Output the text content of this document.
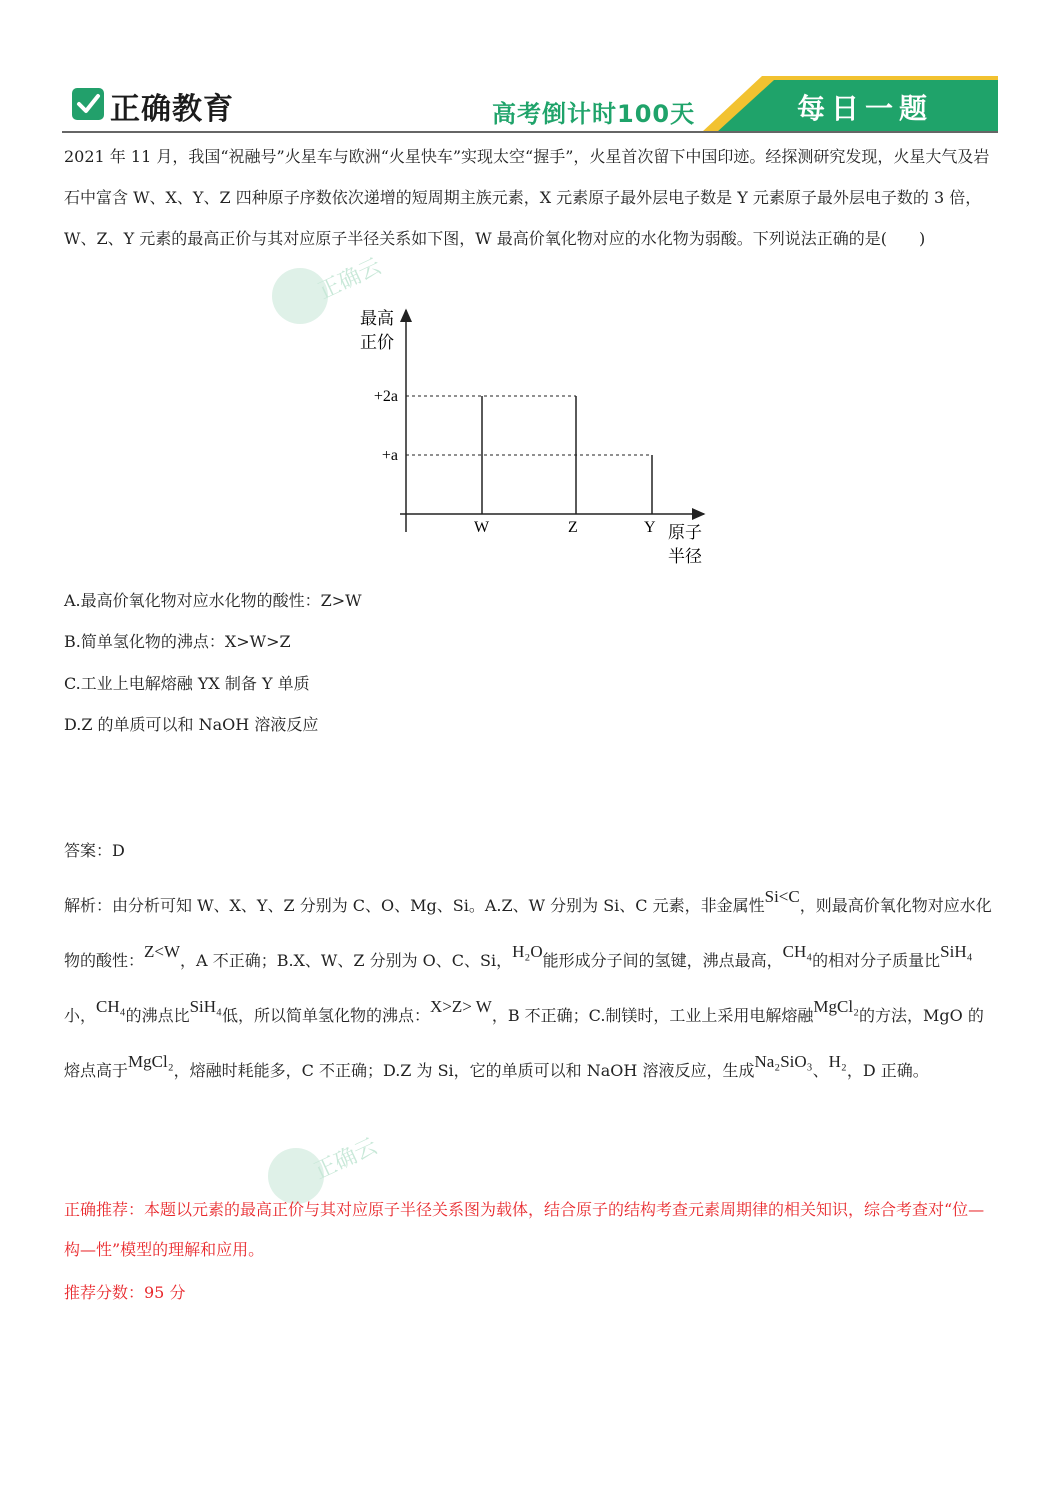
正确教育	高考倒计时100天	每日一题
正确云
正确云
2021 年 11 月，我国“祝融号”火星车与欧洲“火星快车”实现太空“握手”，火星首次留下中国印迹。经探测研究发现，火星大气及岩石中富含 W、X、Y、Z 四种原子序数依次递增的短周期主族元素，X 元素原子最外层电子数是 Y 元素原子最外层电子数的 3 倍，W、Z、Y 元素的最高正价与其对应原子半径关系如下图，W 最高价氧化物对应的水化物为弱酸。下列说法正确的是(　　)
最高
正价
原子
半径
W	Z	Y
+2a
+a
A.最高价氧化物对应水化物的酸性：Z>W
B.简单氢化物的沸点：X>W>Z
C.工业上电解熔融 YX 制备 Y 单质
D.Z 的单质可以和 NaOH 溶液反应
答案：D
解析：由分析可知 W、X、Y、Z 分别为 C、O、Mg、Si。A.Z、W 分别为 Si、C 元素，非金属性Si<C，则最高价氧化物对应水化物的酸性：Z<W，A 不正确；B.X、W、Z 分别为 O、C、Si，H₂O能形成分子间的氢键，沸点最高，CH₄的相对分子质量比SiH₄小，CH₄的沸点比SiH₄低，所以简单氢化物的沸点：X>Z> W，B 不正确；C.制镁时，工业上采用电解熔融MgCl₂的方法，MgO 的熔点高于MgCl₂，熔融时耗能多，C 不正确；D.Z 为 Si，它的单质可以和 NaOH 溶液反应，生成Na₂SiO₃、H₂，D 正确。
正确推荐：本题以元素的最高正价与其对应原子半径关系图为载体，结合原子的结构考查元素周期律的相关知识，综合考查对“位—构—性”模型的理解和应用。
推荐分数：95 分
